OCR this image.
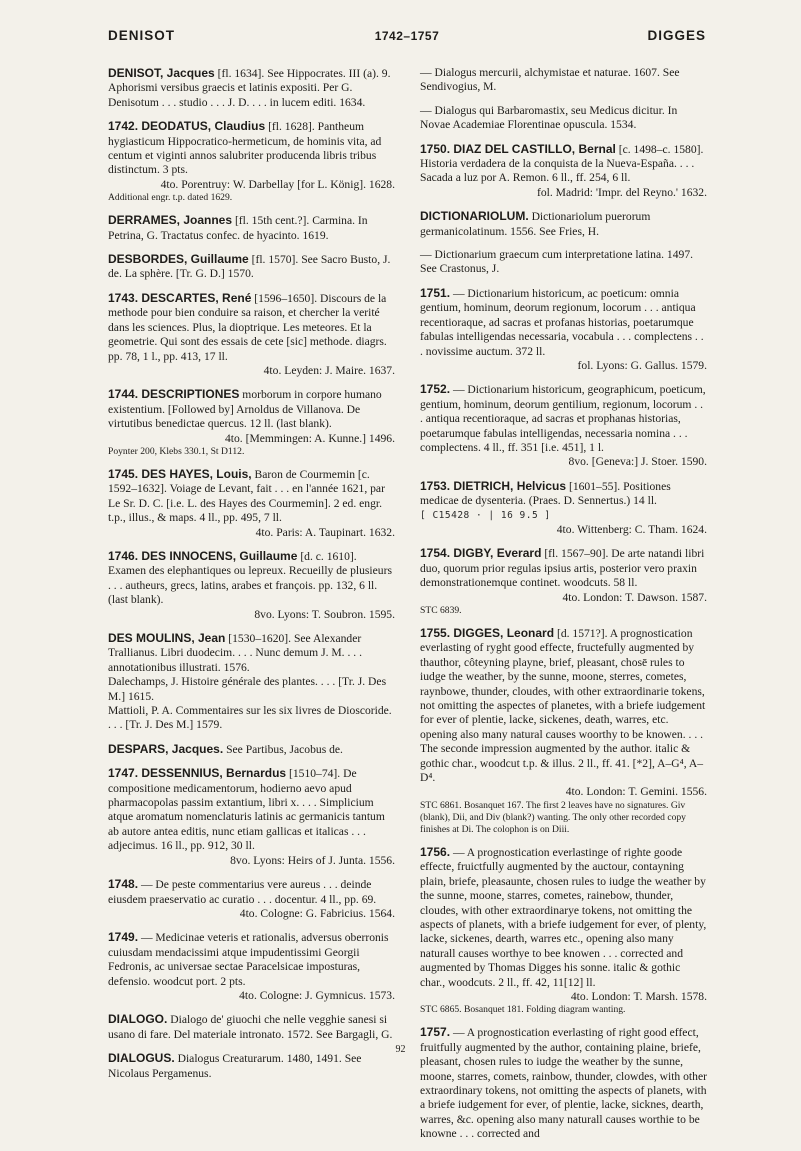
DENISOT	1742–1757	DIGGES

DENISOT, Jacques [fl. 1634]. See Hippocrates. III (a). 9. Aphorismi versibus graecis et latinis expositi. Per G. Denisotum . . . studio . . . J. D. . . . in lucem editi. 1634.

1742. DEODATUS, Claudius [fl. 1628]. Pantheum hygiasticum Hippocratico-hermeticum, de hominis vita, ad centum et viginti annos salubriter producenda libris tribus distinctum. 3 pts.

4to. Porentruy: W. Darbellay [for L. König]. 1628.

Additional engr. t.p. dated 1629.

DERRAMES, Joannes [fl. 15th cent.?]. Carmina. In Petrina, G. Tractatus confec. de hyacinto. 1619.

DESBORDES, Guillaume [fl. 1570]. See Sacro Busto, J. de. La sphère. [Tr. G. D.] 1570.

1743. DESCARTES, René [1596–1650]. Discours de la methode pour bien conduire sa raison, et chercher la verité dans les sciences. Plus, la dioptrique. Les meteores. Et la geometrie. Qui sont des essais de cete [sic] methode. diagrs. pp. 78, 1 l., pp. 413, 17 ll.

4to. Leyden: J. Maire. 1637.

1744. DESCRIPTIONES morborum in corpore humano existentium. [Followed by] Arnoldus de Villanova. De virtutibus benedictae quercus. 12 ll. (last blank).

4to. [Memmingen: A. Kunne.] 1496.

Poynter 200, Klebs 330.1, St D112.

1745. DES HAYES, Louis, Baron de Courmemin [c. 1592–1632]. Voiage de Levant, fait . . . en l'année 1621, par Le Sr. D. C. [i.e. L. des Hayes des Courmemin]. 2 ed. engr. t.p., illus., & maps. 4 ll., pp. 495, 7 ll.

4to. Paris: A. Taupinart. 1632.

1746. DES INNOCENS, Guillaume [d. c. 1610]. Examen des elephantiques ou lepreux. Recueilly de plusieurs . . . autheurs, grecs, latins, arabes et françois. pp. 132, 6 ll. (last blank).

8vo. Lyons: T. Soubron. 1595.

DES MOULINS, Jean [1530–1620]. See Alexander Trallianus. Libri duodecim. . . . Nunc demum J. M. . . . annotationibus illustrati. 1576.
Dalechamps, J. Histoire générale des plantes. . . . [Tr. J. Des M.] 1615.
Mattioli, P. A. Commentaires sur les six livres de Dioscoride. . . . [Tr. J. Des M.] 1579.

DESPARS, Jacques. See Partibus, Jacobus de.

1747. DESSENNIUS, Bernardus [1510–74]. De compositione medicamentorum, hodierno aevo apud pharmacopolas passim extantium, libri x. . . . Simplicium atque aromatum nomenclaturis latinis ac germanicis tantum ab autore antea editis, nunc etiam gallicas et italicas . . . adjecimus. 16 ll., pp. 912, 30 ll.

8vo. Lyons: Heirs of J. Junta. 1556.

1748. — De peste commentarius vere aureus . . . deinde eiusdem praeservatio ac curatio . . . docentur. 4 ll., pp. 69.

4to. Cologne: G. Fabricius. 1564.

1749. — Medicinae veteris et rationalis, adversus oberronis cuiusdam mendacissimi atque impudentissimi Georgii Fedronis, ac universae sectae Paracelsicae imposturas, defensio. woodcut port. 2 pts.

4to. Cologne: J. Gymnicus. 1573.

DIALOGO. Dialogo de' giuochi che nelle vegghie sanesi si usano di fare. Del materiale intronato. 1572. See Bargagli, G.

DIALOGUS. Dialogus Creaturarum. 1480, 1491. See Nicolaus Pergamenus.

— Dialogus mercurii, alchymistae et naturae. 1607. See Sendivogius, M.

— Dialogus qui Barbaromastix, seu Medicus dicitur. In Novae Academiae Florentinae opuscula. 1534.

1750. DIAZ DEL CASTILLO, Bernal [c. 1498–c. 1580]. Historia verdadera de la conquista de la Nueva-España. . . . Sacada a luz por A. Remon. 6 ll., ff. 254, 6 ll.

fol. Madrid: 'Impr. del Reyno.' 1632.

DICTIONARIOLUM. Dictionariolum puerorum germanicolatinum. 1556. See Fries, H.

— Dictionarium graecum cum interpretatione latina. 1497. See Crastonus, J.

1751. — Dictionarium historicum, ac poeticum: omnia gentium, hominum, deorum regionum, locorum . . . antiqua recentioraque, ad sacras et profanas historias, poetarumque fabulas intelligendas necessaria, vocabula . . . complectens . . . novissime auctum. 372 ll.

fol. Lyons: G. Gallus. 1579.

1752. — Dictionarium historicum, geographicum, poeticum, gentium, hominum, deorum gentilium, regionum, locorum . . . antiqua recentioraque, ad sacras et prophanas historias, poetarumque fabulas intelligendas, necessaria nomina . . . complectens. 4 ll., ff. 351 [i.e. 451], 1 l.

8vo. [Geneva:] J. Stoer. 1590.

1753. DIETRICH, Helvicus [1601–55]. Positiones medicae de dysenteria. (Praes. D. Sennertus.) 14 ll.

[ C15428 · | 16 9.5 ]

4to. Wittenberg: C. Tham. 1624.

1754. DIGBY, Everard [fl. 1567–90]. De arte natandi libri duo, quorum prior regulas ipsius artis, posterior vero praxin demonstrationemque continet. woodcuts. 58 ll.

4to. London: T. Dawson. 1587.

STC 6839.

1755. DIGGES, Leonard [d. 1571?]. A prognostication everlasting of ryght good effecte, fructefully augmented by thauthor, côteyning playne, brief, pleasant, chosē rules to iudge the weather, by the sunne, moone, sterres, cometes, raynbowe, thunder, cloudes, with other extraordinarie tokens, not omitting the aspectes of planetes, with a briefe iudgement for ever of plentie, lacke, sickenes, death, warres, etc. opening also many natural causes woorthy to be knowen. . . . The seconde impression augmented by the author. italic & gothic char., woodcut t.p. & illus. 2 ll., ff. 41. [*2], A–G⁴, A–D⁴.

4to. London: T. Gemini. 1556.

STC 6861. Bosanquet 167. The first 2 leaves have no signatures. Giv (blank), Dii, and Div (blank?) wanting. The only other recorded copy finishes at Di. The colophon is on Diii.

1756. — A prognostication everlastinge of righte goode effecte, fruictfully augmented by the auctour, contayning plain, briefe, pleasaunte, chosen rules to iudge the weather by the sunne, moone, starres, cometes, rainebow, thunder, cloudes, with other extraordinarye tokens, not omitting the aspects of planets, with a briefe iudgement for ever, of plenty, lacke, sickenes, dearth, warres etc., opening also many naturall causes worthye to bee knowen . . . corrected and augmented by Thomas Digges his sonne. italic & gothic char., woodcuts. 2 ll., ff. 42, 11[12] ll.

4to. London: T. Marsh. 1578.

STC 6865. Bosanquet 181. Folding diagram wanting.

1757. — A prognostication everlasting of right good effect, fruitfully augmented by the author, containing plaine, briefe, pleasant, chosen rules to iudge the weather by the sunne, moone, starres, comets, rainbow, thunder, clowdes, with other extraordinary tokens, not omitting the aspects of planets, with a briefe iudgement for ever, of plentie, lacke, sicknes, dearth, warres, &c. opening also many naturall causes worthie to be knowne . . . corrected and

92
